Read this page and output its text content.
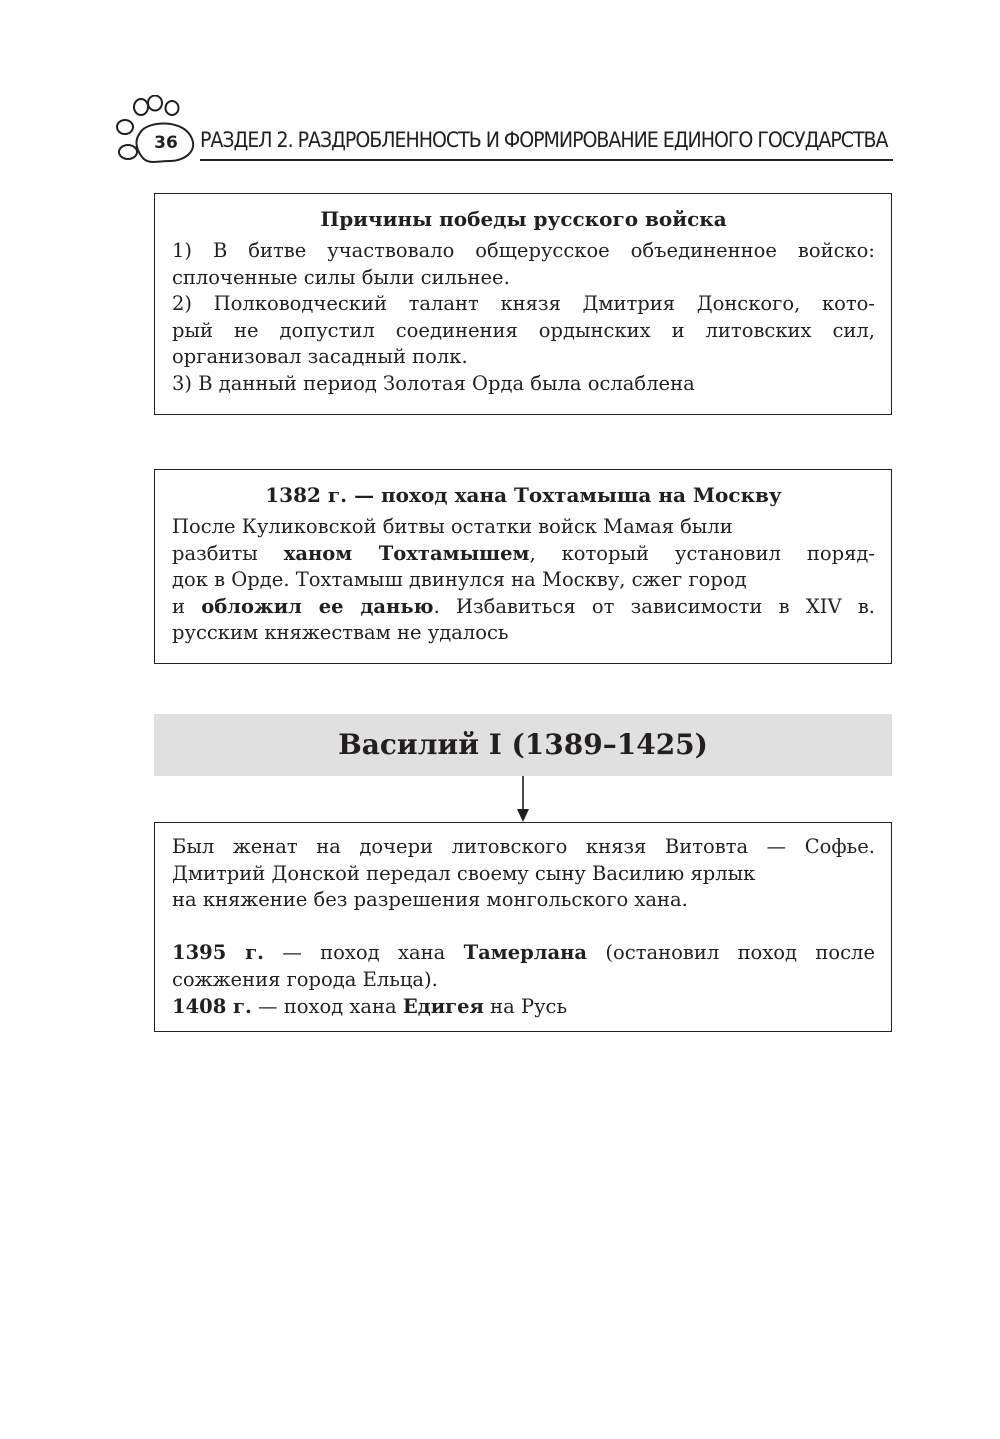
36	РАЗДЕЛ 2. РАЗДРОБЛЕННОСТЬ И ФОРМИРОВАНИЕ ЕДИНОГО ГОСУДАРСТВА
Причины победы русского войска
1) В битве участвовало общерусское объединенное войско:
сплоченные силы были сильнее.
2) Полководческий талант князя Дмитрия Донского, кото-
рый не допустил соединения ордынских и литовских сил,
организовал засадный полк.
3) В данный период Золотая Орда была ослаблена
1382 г. — поход хана Тохтамыша на Москву
После Куликовской битвы остатки войск Мамая были
разбиты ханом Тохтамышем, который установил поряд-
док в Орде. Тохтамыш двинулся на Москву, сжег город
и обложил ее данью. Избавиться от зависимости в XIV в.
русским княжествам не удалось
Василий I (1389–1425)
Был женат на дочери литовского князя Витовта — Софье.
Дмитрий Донской передал своему сыну Василию ярлык
на княжение без разрешения монгольского хана.
1395 г. — поход хана Тамерлана (остановил поход после
сожжения города Ельца).
1408 г. — поход хана Едигея на Русь
